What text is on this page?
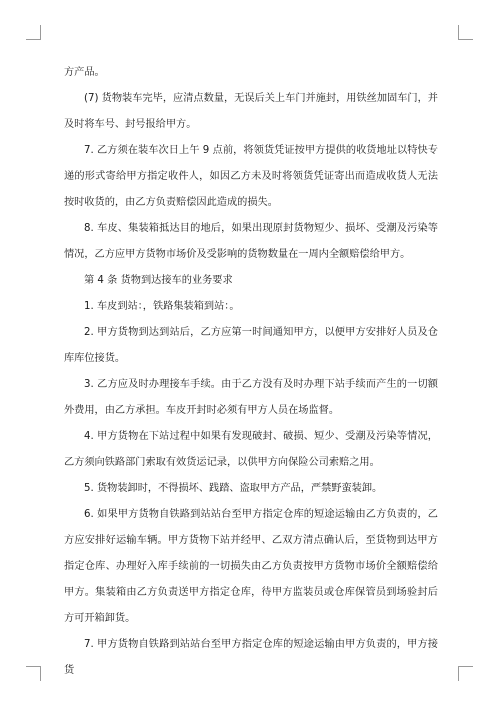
方产品。

(7) 货物装车完毕，应清点数量，无误后关上车门并施封，用铁丝加固车门，并及时将车号、封号报给甲方。

7. 乙方须在装车次日上午 9 点前，将领货凭证按甲方提供的收货地址以特快专递的形式寄给甲方指定收件人，如因乙方未及时将领货凭证寄出而造成收货人无法按时收货的，由乙方负责赔偿因此造成的损失。

8. 车皮、集装箱抵达目的地后，如果出现原封货物短少、损坏、受潮及污染等情况，乙方应甲方货物市场价及受影响的货物数量在一周内全额赔偿给甲方。

第 4 条 货物到达接车的业务要求

1. 车皮到站：，铁路集装箱到站：。

2. 甲方货物到达到站后，乙方应第一时间通知甲方，以便甲方安排好人员及仓库库位接货。

3. 乙方应及时办理接车手续。由于乙方没有及时办理下站手续而产生的一切额外费用，由乙方承担。车皮开封时必须有甲方人员在场监督。

4. 甲方货物在下站过程中如果有发现破封、破损、短少、受潮及污染等情况，乙方须向铁路部门索取有效货运记录，以供甲方向保险公司索赔之用。

5. 货物装卸时，不得损坏、践踏、盗取甲方产品，严禁野蛮装卸。

6. 如果甲方货物自铁路到站站台至甲方指定仓库的短途运输由乙方负责的，乙方应安排好运输车辆。甲方货物下站并经甲、乙双方清点确认后，至货物到达甲方指定仓库、办理好入库手续前的一切损失由乙方负责按甲方货物市场价全额赔偿给甲方。集装箱由乙方负责送甲方指定仓库，待甲方监装员或仓库保管员到场验封后方可开箱卸货。

7. 甲方货物自铁路到站站台至甲方指定仓库的短途运输由甲方负责的，甲方接货
